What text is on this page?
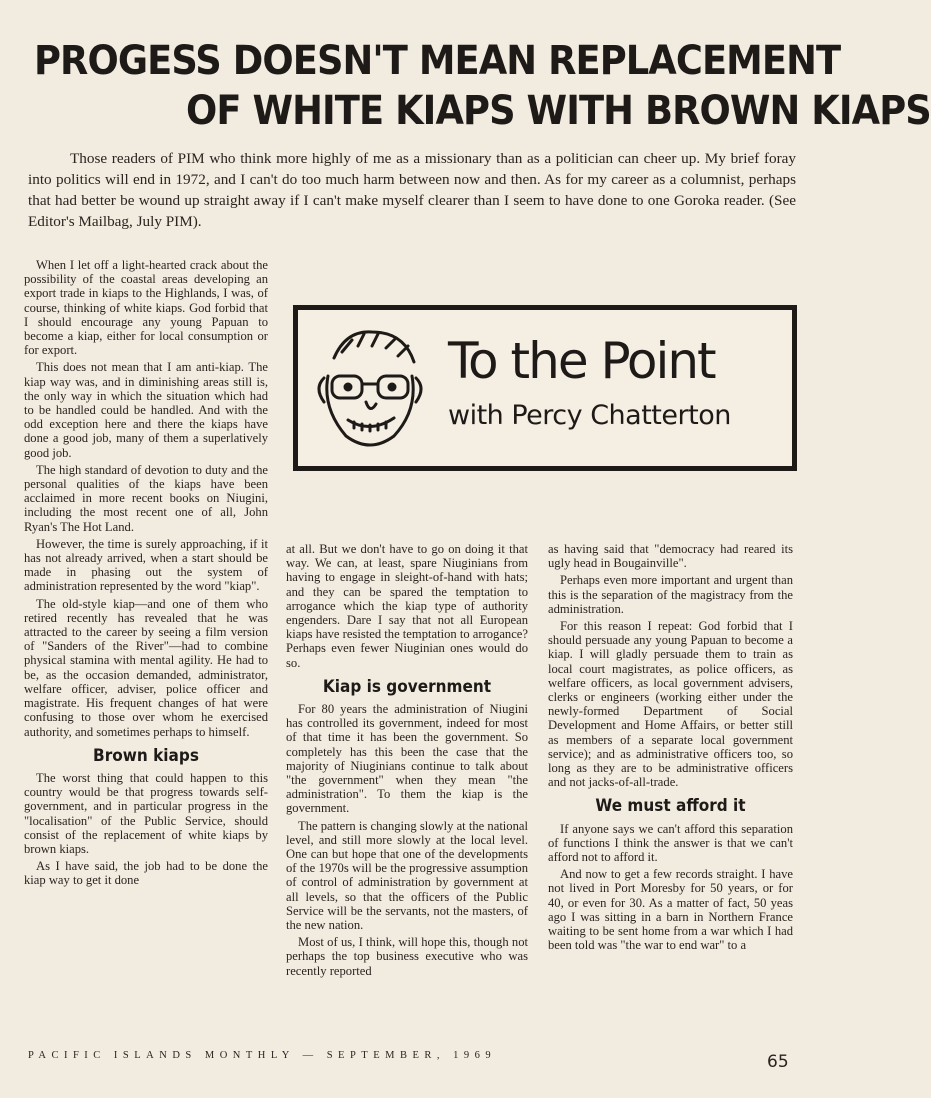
PROGESS DOESN'T MEAN REPLACEMENT
OF WHITE KIAPS WITH BROWN KIAPS

Those readers of PIM who think more highly of me as a missionary than as a politician can cheer up. My brief foray into politics will end in 1972, and I can't do too much harm between now and then. As for my career as a columnist, perhaps that had better be wound up straight away if I can't make myself clearer than I seem to have done to one Goroka reader. (See Editor's Mailbag, July PIM).

To the Point
with Percy Chatterton

When I let off a light-hearted crack about the possibility of the coastal areas developing an export trade in kiaps to the Highlands, I was, of course, thinking of white kiaps. God forbid that I should encourage any young Papuan to become a kiap, either for local consumption or for export.

This does not mean that I am anti-kiap. The kiap way was, and in diminishing areas still is, the only way in which the situation which had to be handled could be handled. And with the odd exception here and there the kiaps have done a good job, many of them a superlatively good job.

The high standard of devotion to duty and the personal qualities of the kiaps have been acclaimed in more recent books on Niugini, including the most recent one of all, John Ryan's The Hot Land.

However, the time is surely approaching, if it has not already arrived, when a start should be made in phasing out the system of administration represented by the word "kiap".

The old-style kiap—and one of them who retired recently has revealed that he was attracted to the career by seeing a film version of "Sanders of the River"—had to combine physical stamina with mental agility. He had to be, as the occasion demanded, administrator, welfare officer, adviser, police officer and magistrate. His frequent changes of hat were confusing to those over whom he exercised authority, and sometimes perhaps to himself.

Brown kiaps

The worst thing that could happen to this country would be that progress towards self-government, and in particular progress in the "localisation" of the Public Service, should consist of the replacement of white kiaps by brown kiaps.

As I have said, the job had to be done the kiap way to get it done

at all. But we don't have to go on doing it that way. We can, at least, spare Niuginians from having to engage in sleight-of-hand with hats; and they can be spared the temptation to arrogance which the kiap type of authority engenders. Dare I say that not all European kiaps have resisted the temptation to arrogance? Perhaps even fewer Niuginian ones would do so.

Kiap is government

For 80 years the administration of Niugini has controlled its government, indeed for most of that time it has been the government. So completely has this been the case that the majority of Niuginians continue to talk about "the government" when they mean "the administration". To them the kiap is the government.

The pattern is changing slowly at the national level, and still more slowly at the local level. One can but hope that one of the developments of the 1970s will be the progressive assumption of control of administration by government at all levels, so that the officers of the Public Service will be the servants, not the masters, of the new nation.

Most of us, I think, will hope this, though not perhaps the top business executive who was recently reported

as having said that "democracy had reared its ugly head in Bougainville".

Perhaps even more important and urgent than this is the separation of the magistracy from the administration.

For this reason I repeat: God forbid that I should persuade any young Papuan to become a kiap. I will gladly persuade them to train as local court magistrates, as police officers, as welfare officers, as local government advisers, clerks or engineers (working either under the newly-formed Department of Social Development and Home Affairs, or better still as members of a separate local government service); and as administrative officers too, so long as they are to be administrative officers and not jacks-of-all-trade.

We must afford it

If anyone says we can't afford this separation of functions I think the answer is that we can't afford not to afford it.

And now to get a few records straight. I have not lived in Port Moresby for 50 years, or for 40, or even for 30. As a matter of fact, 50 yeas ago I was sitting in a barn in Northern France waiting to be sent home from a war which I had been told was "the war to end war" to a

PACIFIC ISLANDS MONTHLY — SEPTEMBER, 1969	65
